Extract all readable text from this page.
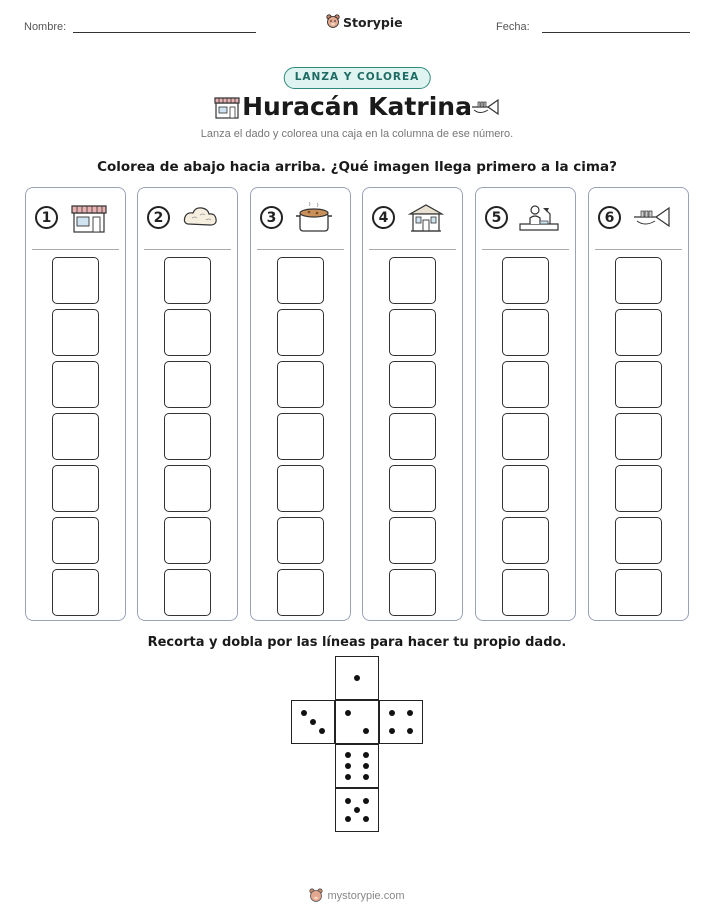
Nombre:	Storypie	Fecha:
LANZA Y COLOREA
Huracán Katrina
Lanza el dado y colorea una caja en la columna de ese número.
Colorea de abajo hacia arriba. ¿Qué imagen llega primero a la cima?
1	2	3	4	5	6
Recorta y dobla por las líneas para hacer tu propio dado.
mystorypie.com
